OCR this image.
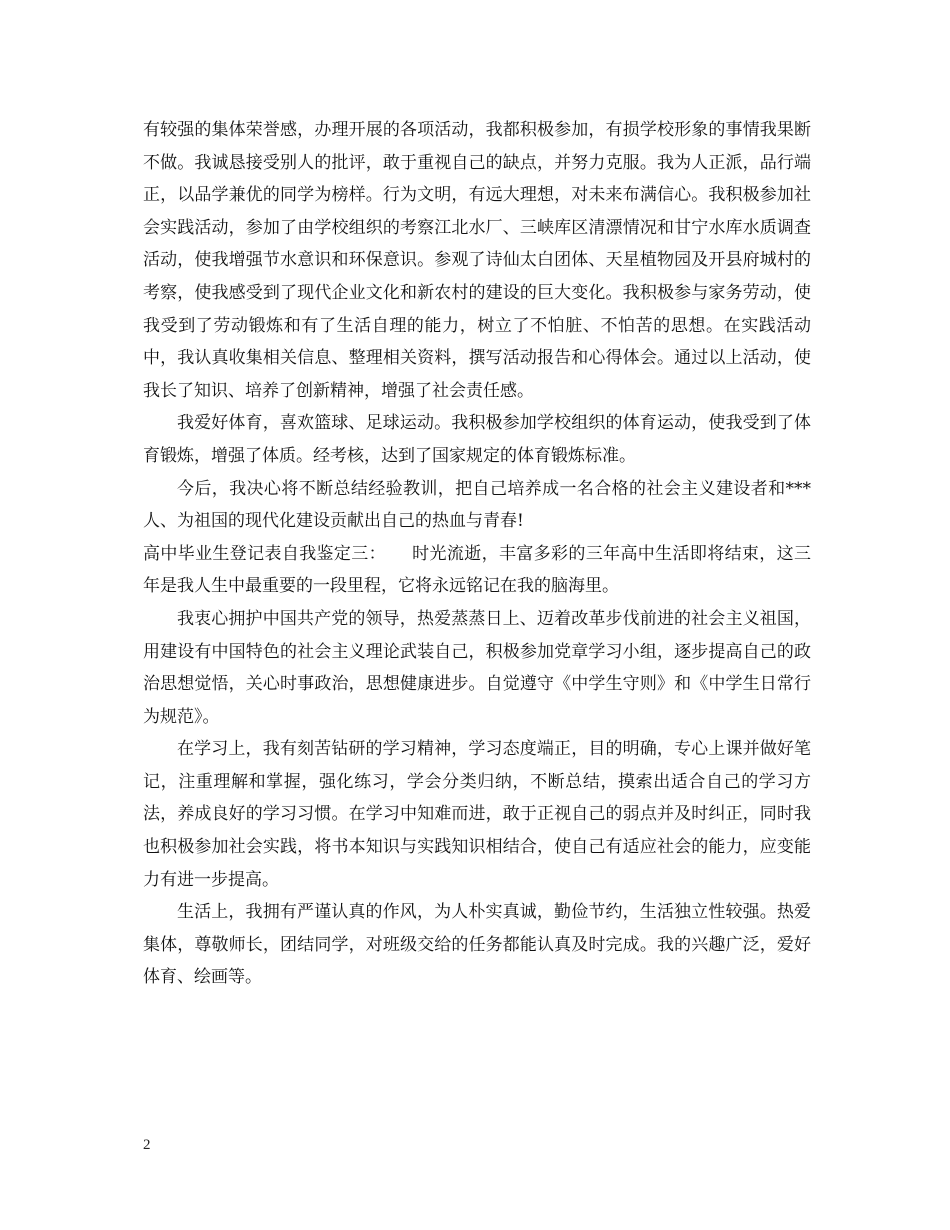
有较强的集体荣誉感，办理开展的各项活动，我都积极参加，有损学校形象的事情我果断不做。我诚恳接受别人的批评，敢于重视自己的缺点，并努力克服。我为人正派，品行端正，以品学兼优的同学为榜样。行为文明，有远大理想，对未来布满信心。我积极参加社会实践活动，参加了由学校组织的考察江北水厂、三峡库区清漂情况和甘宁水库水质调查活动，使我增强节水意识和环保意识。参观了诗仙太白团体、天星植物园及开县府城村的考察，使我感受到了现代企业文化和新农村的建设的巨大变化。我积极参与家务劳动，使我受到了劳动锻炼和有了生活自理的能力，树立了不怕脏、不怕苦的思想。在实践活动中，我认真收集相关信息、整理相关资料，撰写活动报告和心得体会。通过以上活动，使我长了知识、培养了创新精神，增强了社会责任感。

我爱好体育，喜欢篮球、足球运动。我积极参加学校组织的体育运动，使我受到了体育锻炼，增强了体质。经考核，达到了国家规定的体育锻炼标准。

今后，我决心将不断总结经验教训，把自己培养成一名合格的社会主义建设者和***人、为祖国的现代化建设贡献出自己的热血与青春!

高中毕业生登记表自我鉴定三：　　时光流逝，丰富多彩的三年高中生活即将结束，这三年是我人生中最重要的一段里程，它将永远铭记在我的脑海里。

我衷心拥护中国共产党的领导，热爱蒸蒸日上、迈着改革步伐前进的社会主义祖国，用建设有中国特色的社会主义理论武装自己，积极参加党章学习小组，逐步提高自己的政治思想觉悟，关心时事政治，思想健康进步。自觉遵守《中学生守则》和《中学生日常行为规范》。

在学习上，我有刻苦钻研的学习精神，学习态度端正，目的明确，专心上课并做好笔记，注重理解和掌握，强化练习，学会分类归纳，不断总结，摸索出适合自己的学习方法，养成良好的学习习惯。在学习中知难而进，敢于正视自己的弱点并及时纠正，同时我也积极参加社会实践，将书本知识与实践知识相结合，使自己有适应社会的能力，应变能力有进一步提高。

生活上，我拥有严谨认真的作风，为人朴实真诚，勤俭节约，生活独立性较强。热爱集体，尊敬师长，团结同学，对班级交给的任务都能认真及时完成。我的兴趣广泛，爱好体育、绘画等。

2
